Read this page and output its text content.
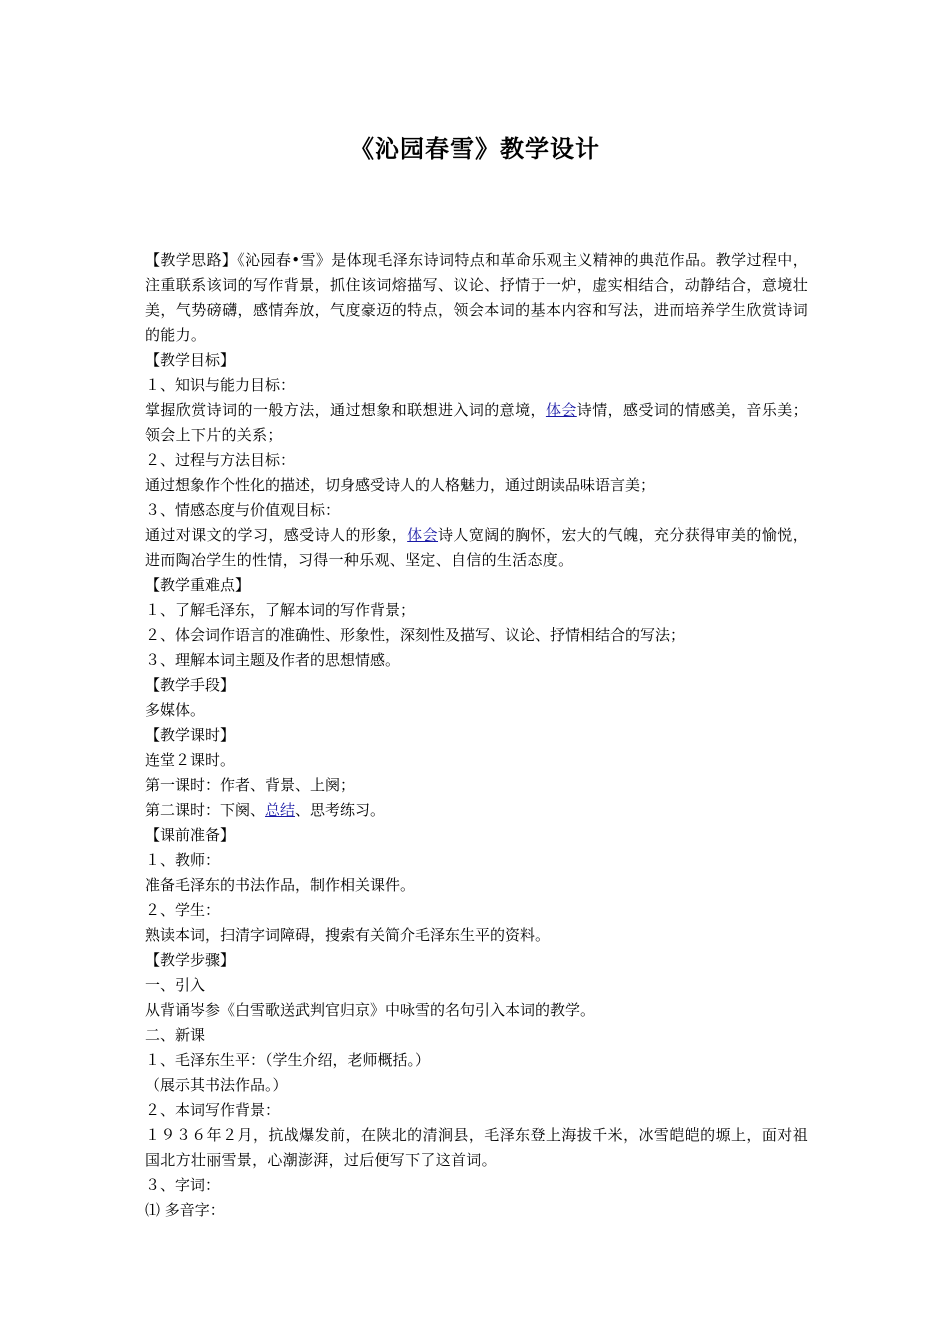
《沁园春雪》教学设计

【教学思路】《沁园春•雪》是体现毛泽东诗词特点和革命乐观主义精神的典范作品。教学过程中，注重联系该词的写作背景，抓住该词熔描写、议论、抒情于一炉，虚实相结合，动静结合，意境壮美，气势磅礴，感情奔放，气度豪迈的特点，领会本词的基本内容和写法，进而培养学生欣赏诗词的能力。

【教学目标】

１、知识与能力目标：

掌握欣赏诗词的一般方法，通过想象和联想进入词的意境，体会诗情，感受词的情感美，音乐美；领会上下片的关系；

２、过程与方法目标：

通过想象作个性化的描述，切身感受诗人的人格魅力，通过朗读品味语言美；

３、情感态度与价值观目标：

通过对课文的学习，感受诗人的形象，体会诗人宽阔的胸怀，宏大的气魄，充分获得审美的愉悦，进而陶冶学生的性情，习得一种乐观、坚定、自信的生活态度。

【教学重难点】

１、了解毛泽东，了解本词的写作背景；

２、体会词作语言的准确性、形象性，深刻性及描写、议论、抒情相结合的写法；

３、理解本词主题及作者的思想情感。

【教学手段】

多媒体。

【教学课时】

连堂２课时。

第一课时：作者、背景、上阕；

第二课时：下阕、总结、思考练习。

【课前准备】

１、教师：

准备毛泽东的书法作品，制作相关课件。

２、学生：

熟读本词，扫清字词障碍，搜索有关简介毛泽东生平的资料。

【教学步骤】

一、引入

从背诵岑参《白雪歌送武判官归京》中咏雪的名句引入本词的教学。

二、新课

１、毛泽东生平：（学生介绍，老师概括。）

（展示其书法作品。）

２、本词写作背景：

１９３６年２月，抗战爆发前，在陕北的清涧县，毛泽东登上海拔千米，冰雪皑皑的塬上，面对祖国北方壮丽雪景，心潮澎湃，过后便写下了这首词。

３、字词：

⑴ 多音字：
